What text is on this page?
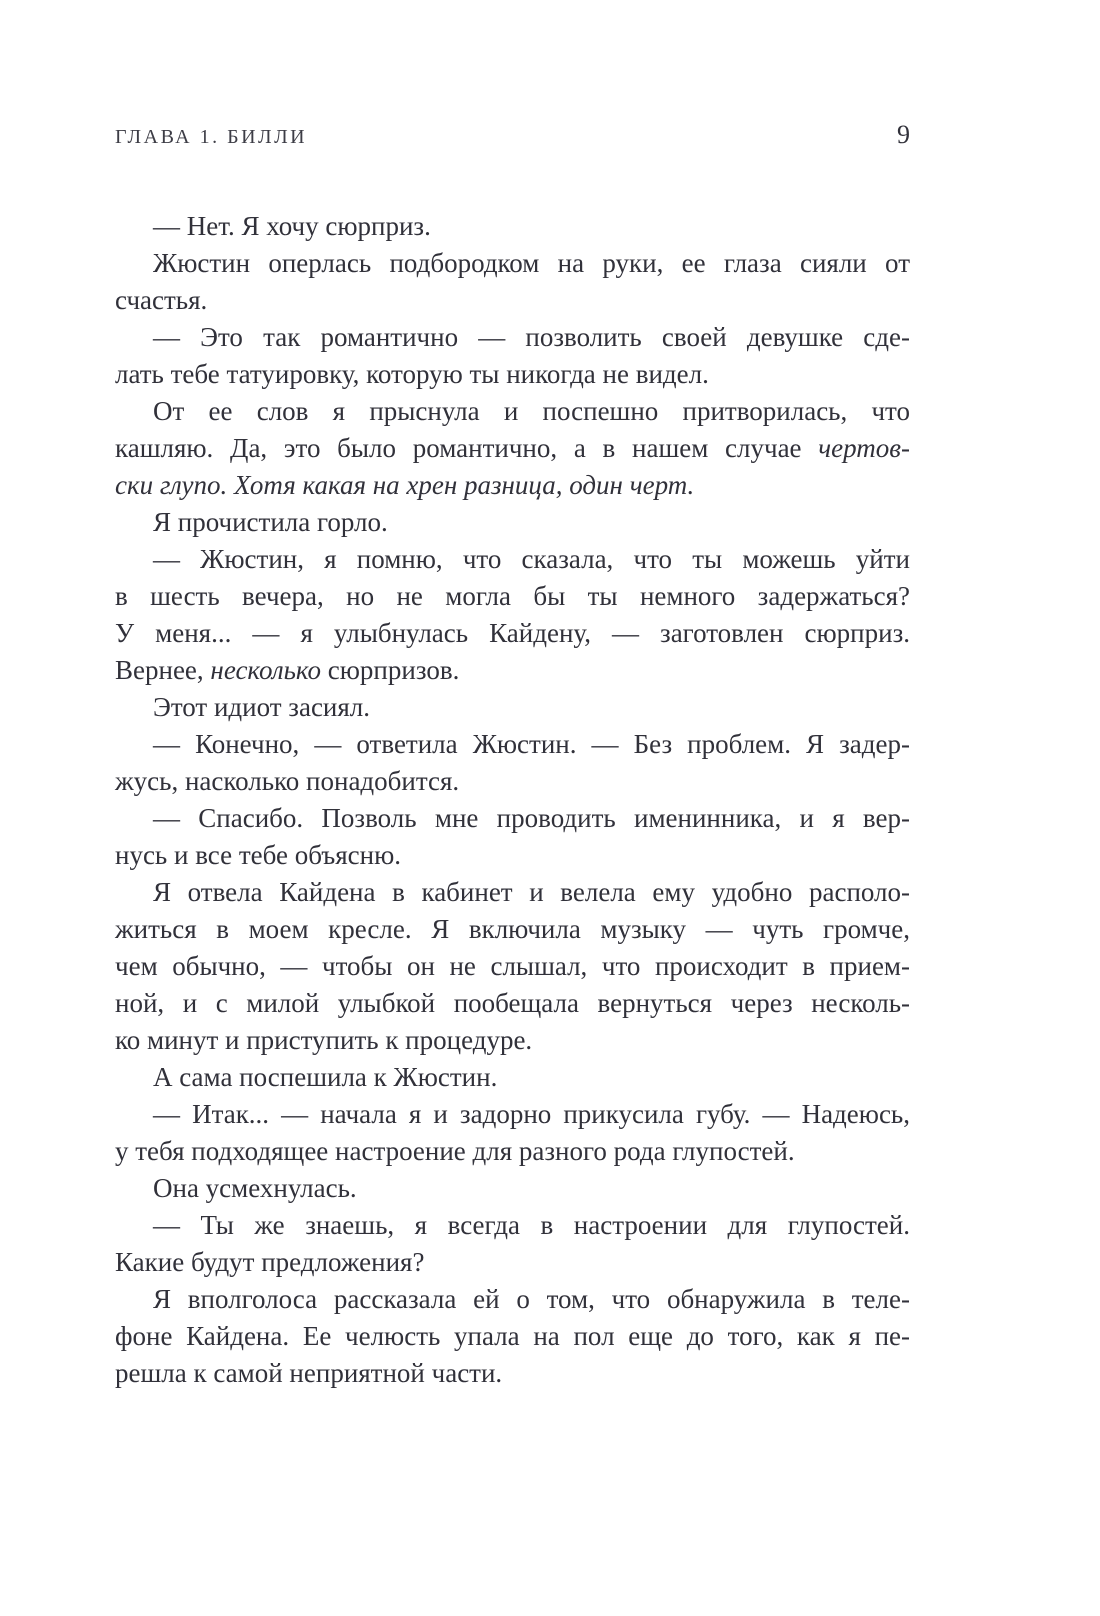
ГЛАВА 1. БИЛЛИ	9
— Нет. Я хочу сюрприз.
Жюстин оперлась подбородком на руки, ее глаза сияли от
счастья.
— Это так романтично — позволить своей девушке сде-
лать тебе татуировку, которую ты никогда не видел.
От ее слов я прыснула и поспешно притворилась, что
кашляю. Да, это было романтично, а в нашем случае чертов-
ски глупо. Хотя какая на хрен разница, один черт.
Я прочистила горло.
— Жюстин, я помню, что сказала, что ты можешь уйти
в шесть вечера, но не могла бы ты немного задержаться?
У меня... — я улыбнулась Кайдену, — заготовлен сюрприз.
Вернее, несколько сюрпризов.
Этот идиот засиял.
— Конечно, — ответила Жюстин. — Без проблем. Я задер-
жусь, насколько понадобится.
— Спасибо. Позволь мне проводить именинника, и я вер-
нусь и все тебе объясню.
Я отвела Кайдена в кабинет и велела ему удобно располо-
житься в моем кресле. Я включила музыку — чуть громче,
чем обычно, — чтобы он не слышал, что происходит в прием-
ной, и с милой улыбкой пообещала вернуться через несколь-
ко минут и приступить к процедуре.
А сама поспешила к Жюстин.
— Итак... — начала я и задорно прикусила губу. — Надеюсь,
у тебя подходящее настроение для разного рода глупостей.
Она усмехнулась.
— Ты же знаешь, я всегда в настроении для глупостей.
Какие будут предложения?
Я вполголоса рассказала ей о том, что обнаружила в теле-
фоне Кайдена. Ее челюсть упала на пол еще до того, как я пе-
решла к самой неприятной части.
